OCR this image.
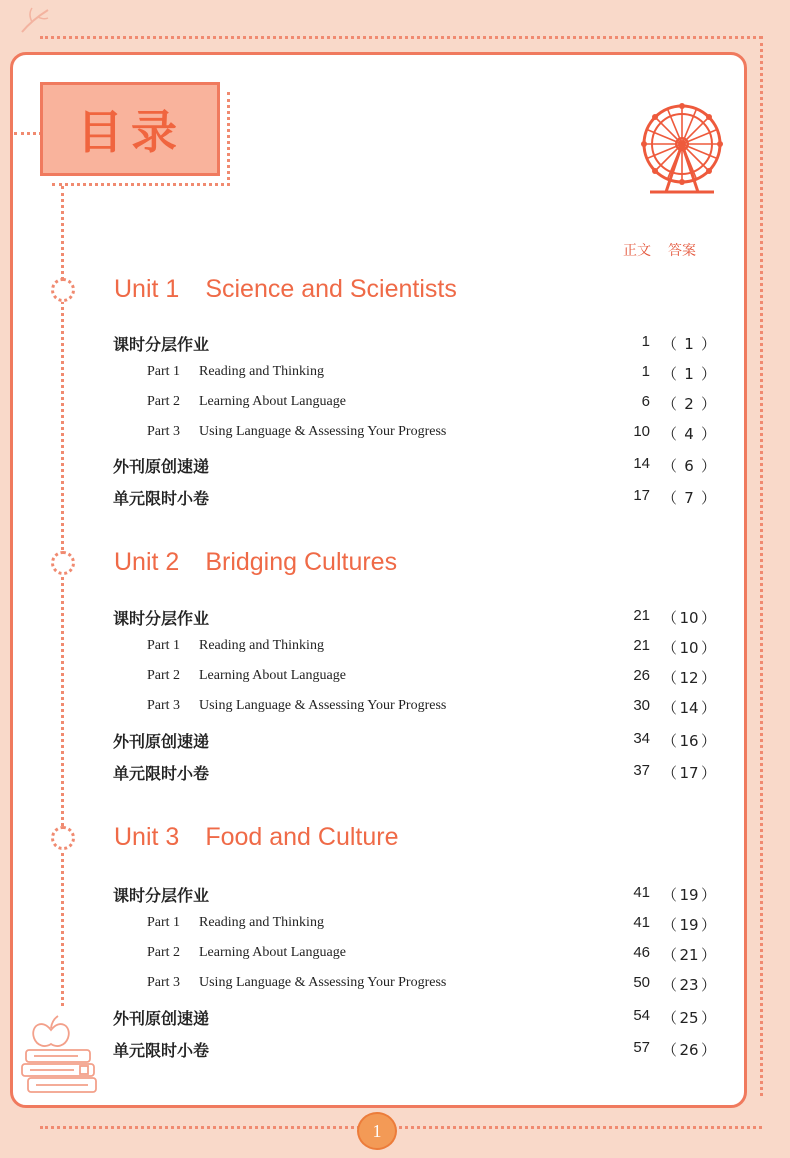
目录
正文 答案
Unit 1 Science and Scientists
课时分层作业	1 （ 1 ）
Part 1 Reading and Thinking	1 （ 1 ）
Part 2 Learning About Language	6 （ 2 ）
Part 3 Using Language & Assessing Your Progress	10 （ 4 ）
外刊原创速递	14 （ 6 ）
单元限时小卷	17 （ 7 ）
Unit 2 Bridging Cultures
课时分层作业	21 （ 10 ）
Part 1 Reading and Thinking	21 （ 10 ）
Part 2 Learning About Language	26 （ 12 ）
Part 3 Using Language & Assessing Your Progress	30 （ 14 ）
外刊原创速递	34 （ 16 ）
单元限时小卷	37 （ 17 ）
Unit 3 Food and Culture
课时分层作业	41 （ 19 ）
Part 1 Reading and Thinking	41 （ 19 ）
Part 2 Learning About Language	46 （ 21 ）
Part 3 Using Language & Assessing Your Progress	50 （ 23 ）
外刊原创速递	54 （ 25 ）
单元限时小卷	57 （ 26 ）
1
